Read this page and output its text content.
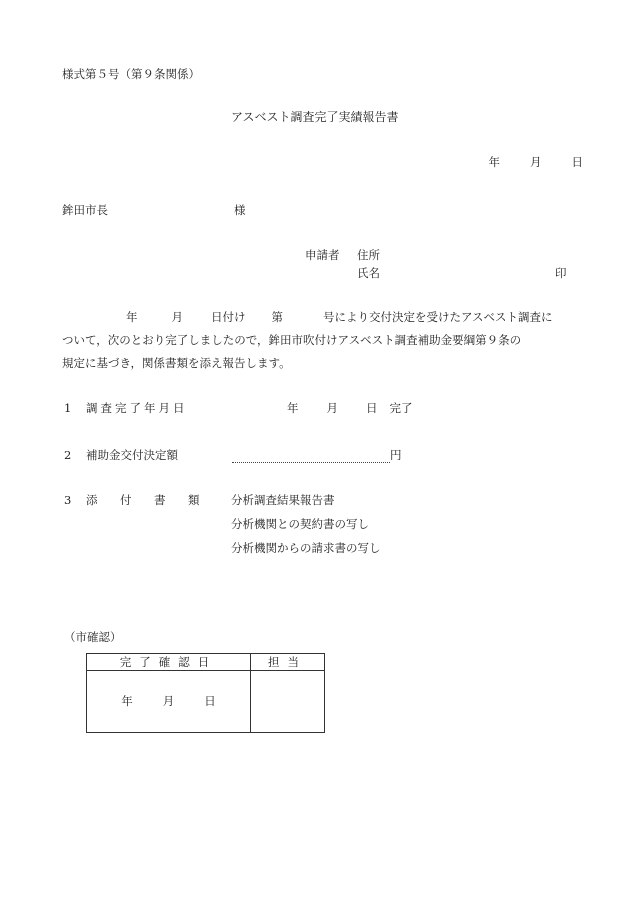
様式第５号（第９条関係）
アスベスト調査完了実績報告書
年	月	日
鉾田市長	様
申請者 住所
氏名	印
年	月 日付け 第	号により交付決定を受けたアスベスト調査に
ついて，次のとおり完了しましたので，鉾田市吹付けアスベスト調査補助金要綱第９条の
規定に基づき，関係書類を添え報告します。
1 調査完了年月日	年 月 日 完了
2 補助金交付決定額	円
3 添 付 書 類	分析調査結果報告書
分析機関との契約書の写し
分析機関からの請求書の写し
（市確認）
完了確認日	担当

年 月 日	
